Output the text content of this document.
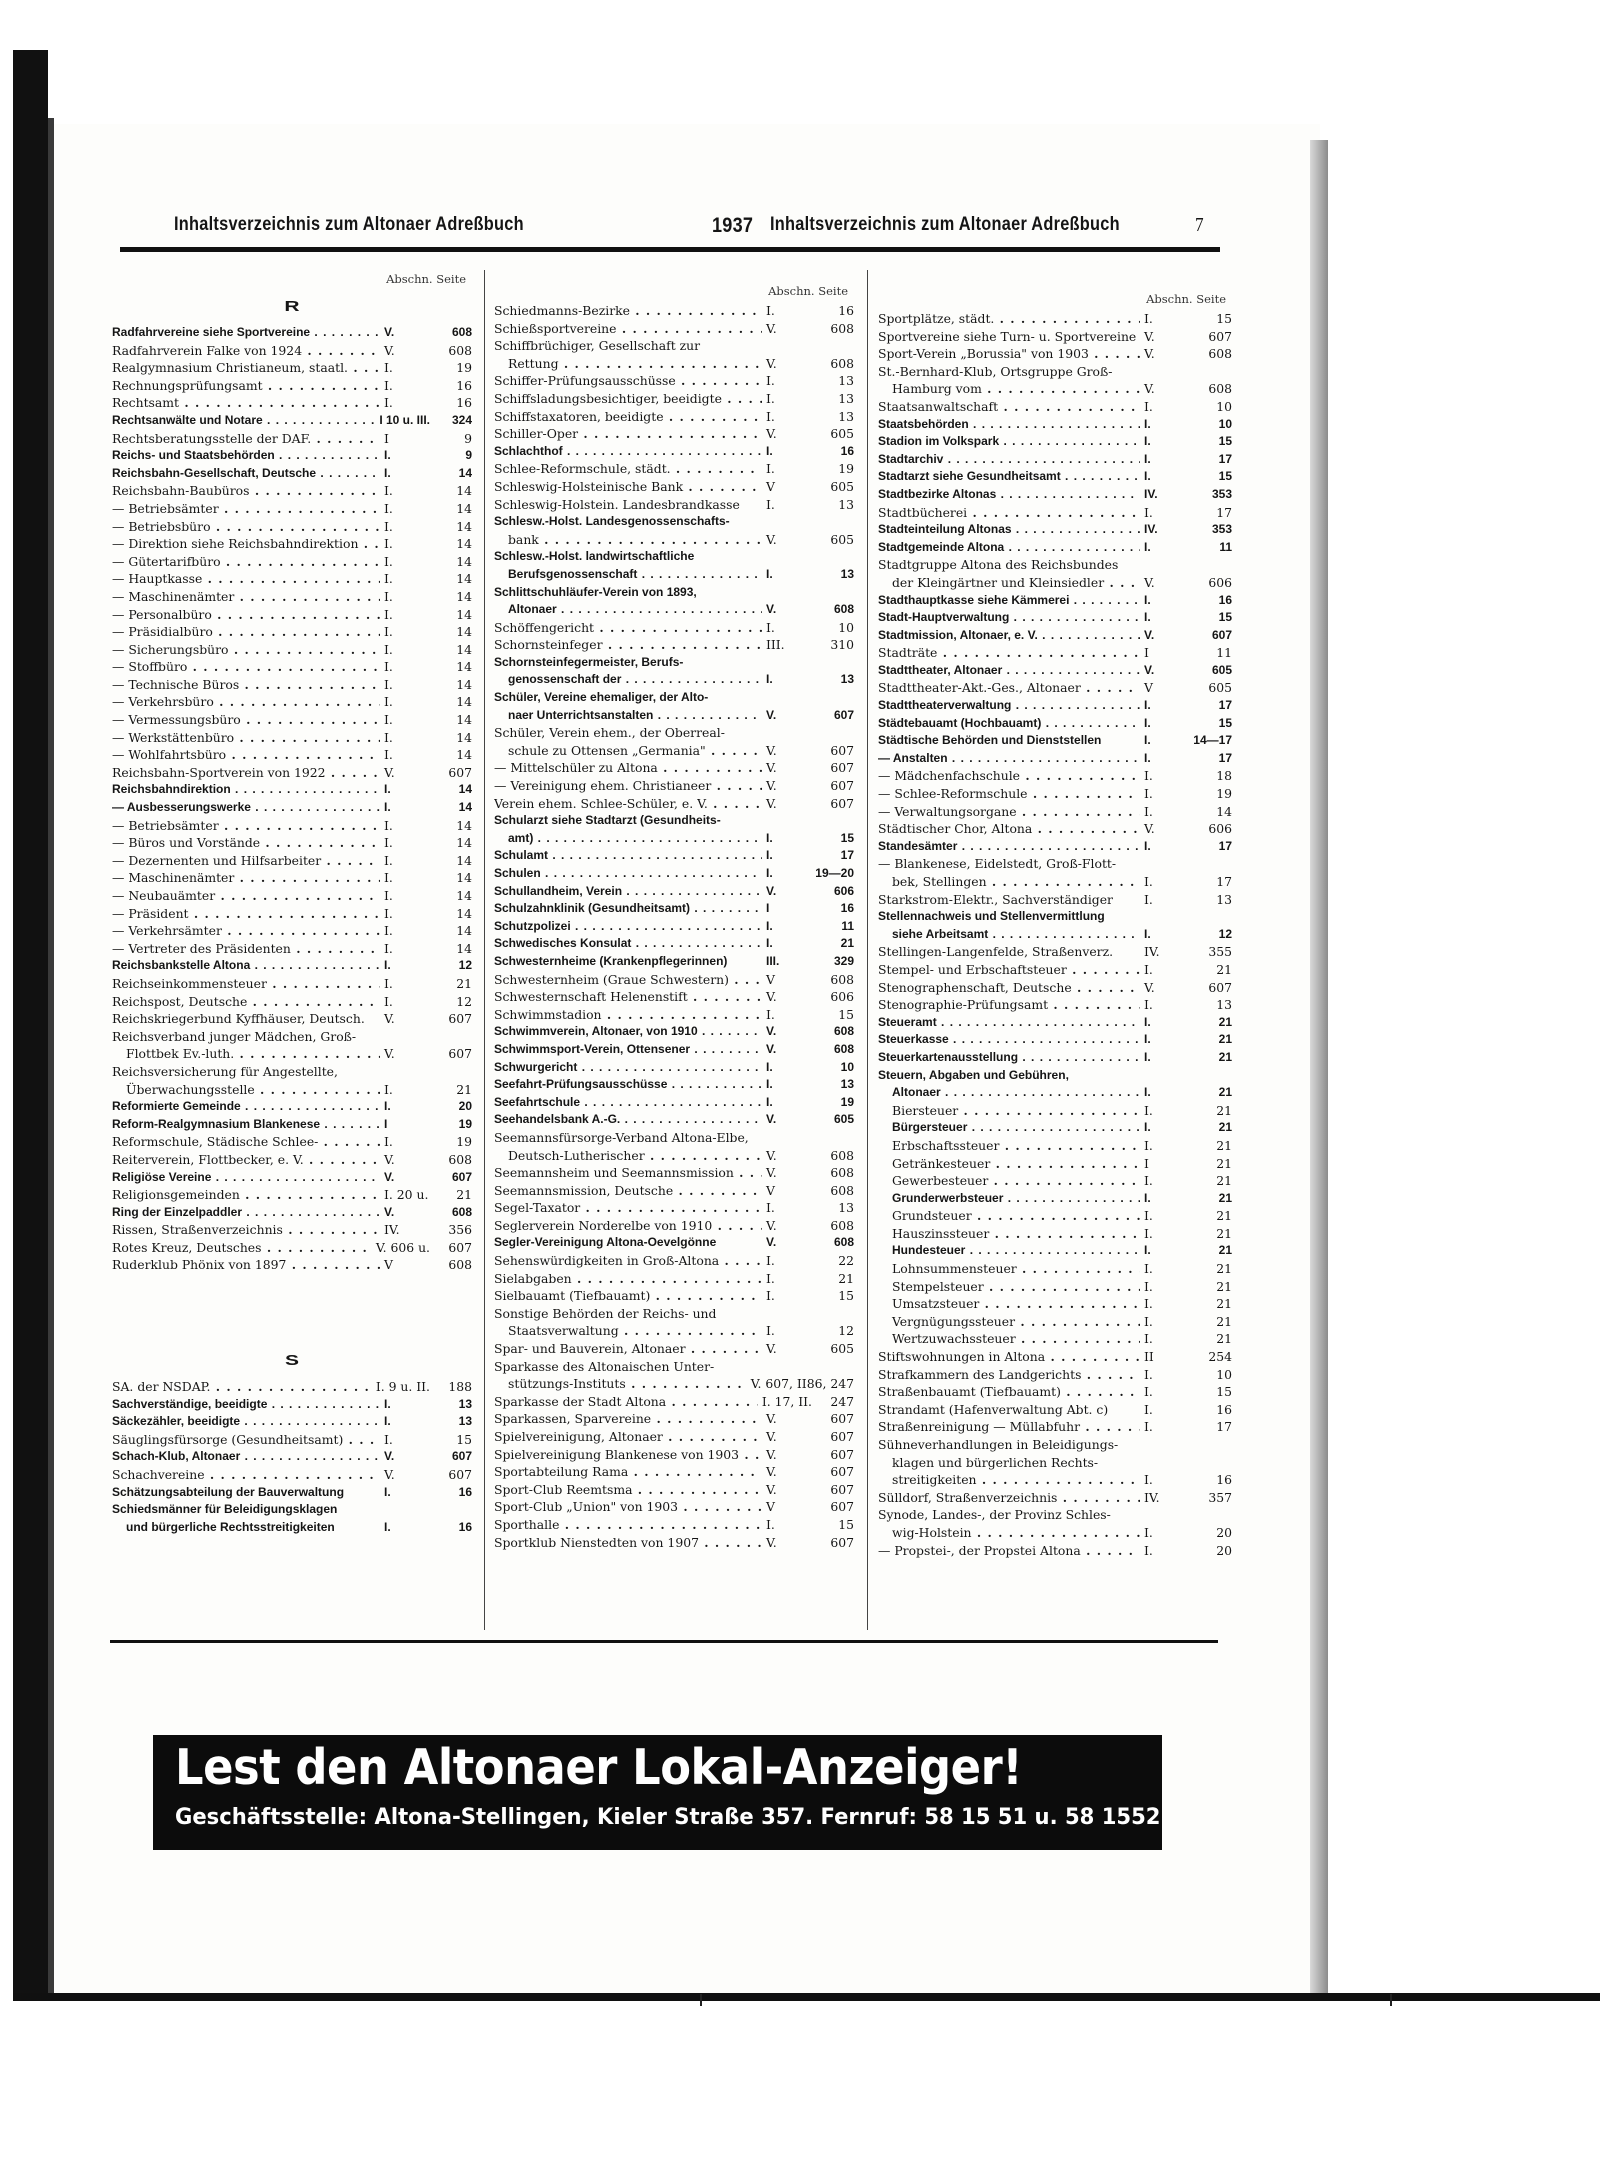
Inhaltsverzeichnis zum Altonaer Adreßbuch	1937 Inhaltsverzeichnis zum Altonaer Adreßbuch	7
Abschn. Seite
R
Radfahrvereine siehe Sportvereine . . .	V.	608
Radfahrverein Falke von 1924 . . .	V.	608
Realgymnasium Christianeum, staatl. . . .	I.	19
Rechnungsprüfungsamt . . .	I.	16
Rechtsamt . . .	I.	16
Rechtsanwälte und Notare . . .	I 10 u. III.	324
Rechtsberatungsstelle der DAF. . . .	I	9
Reichs- und Staatsbehörden . . .	I.	9
Reichsbahn-Gesellschaft, Deutsche . . .	I.	14
Reichsbahn-Baubüros . . .	I.	14
— Betriebsämter . . .	I.	14
— Betriebsbüro . . .	I.	14
— Direktion siehe Reichsbahndirektion . . .	I.	14
— Gütertarifbüro . . .	I.	14
— Hauptkasse . . .	I.	14
— Maschinenämter . . .	I.	14
— Personalbüro . . .	I.	14
— Präsidialbüro . . .	I.	14
— Sicherungsbüro . . .	I.	14
— Stoffbüro . . .	I.	14
— Technische Büros . . .	I.	14
— Verkehrsbüro . . .	I.	14
— Vermessungsbüro . . .	I.	14
— Werkstättenbüro . . .	I.	14
— Wohlfahrtsbüro . . .	I.	14
Reichsbahn-Sportverein von 1922 . . .	V.	607
Reichsbahndirektion . . .	I.	14
— Ausbesserungswerke . . .	I.	14
— Betriebsämter . . .	I.	14
— Büros und Vorstände . . .	I.	14
— Dezernenten und Hilfsarbeiter . . .	I.	14
— Maschinenämter . . .	I.	14
— Neubauämter . . .	I.	14
— Präsident . . .	I.	14
— Verkehrsämter . . .	I.	14
— Vertreter des Präsidenten . . .	I.	14
Reichsbankstelle Altona . . .	I.	12
Reichseinkommensteuer . . .	I.	21
Reichspost, Deutsche . . .	I.	12
Reichskriegerbund Kyffhäuser, Deutsch.	V.	607
Reichsverband junger Mädchen, Groß-
Flottbek Ev.-luth. . . .	V.	607
Reichsversicherung für Angestellte,
Überwachungsstelle . . .	I.	21
Reformierte Gemeinde . . .	I.	20
Reform-Realgymnasium Blankenese . . .	I	19
Reformschule, Städische Schlee- . . .	I.	19
Reiterverein, Flottbecker, e. V. . . .	V.	608
Religiöse Vereine . . .	V.	607
Religionsgemeinden . . .	I. 20 u.	21
Ring der Einzelpaddler . . .	V.	608
Rissen, Straßenverzeichnis . . .	IV.	356
Rotes Kreuz, Deutsches . . .	V. 606 u.	607
Ruderklub Phönix von 1897 . . .	V	608
S
SA. der NSDAP. . . .	I. 9 u. II.	188
Sachverständige, beeidigte . . .	I.	13
Säckezähler, beeidigte . . .	I.	13
Säuglingsfürsorge (Gesundheitsamt) . . .	I.	15
Schach-Klub, Altonaer . . .	V.	607
Schachvereine . . .	V.	607
Schätzungsabteilung der Bauverwaltung	I.	16
Schiedsmänner für Beleidigungsklagen
und bürgerliche Rechtsstreitigkeiten	I.	16
Abschn. Seite
Schiedmanns-Bezirke . . .	I.	16
Schießsportvereine . . .	V.	608
Schiffbrüchiger, Gesellschaft zur
Rettung . . .	V.	608
Schiffer-Prüfungsausschüsse . . .	I.	13
Schiffsladungsbesichtiger, beeidigte . . .	I.	13
Schiffstaxatoren, beeidigte . . .	I.	13
Schiller-Oper . . .	V.	605
Schlachthof . . .	I.	16
Schlee-Reformschule, städt. . . .	I.	19
Schleswig-Holsteinische Bank . . .	V	605
Schleswig-Holstein. Landesbrandkasse	I.	13
Schlesw.-Holst. Landesgenossenschafts-
bank . . .	V.	605
Schlesw.-Holst. landwirtschaftliche
Berufsgenossenschaft . . .	I.	13
Schlittschuhläufer-Verein von 1893,
Altonaer . . .	V.	608
Schöffengericht . . .	I.	10
Schornsteinfeger . . .	III.	310
Schornsteinfegermeister, Berufs-
genossenschaft der . . .	I.	13
Schüler, Vereine ehemaliger, der Alto-
naer Unterrichtsanstalten . . .	V.	607
Schüler, Verein ehem., der Oberreal-
schule zu Ottensen „Germania" . . .	V.	607
— Mittelschüler zu Altona . . .	V.	607
— Vereinigung ehem. Christianeer . . .	V.	607
Verein ehem. Schlee-Schüler, e. V. . . .	V.	607
Schularzt siehe Stadtarzt (Gesundheits-
amt) . . .	I.	15
Schulamt . . .	I.	17
Schulen . . .	I.	19—20
Schullandheim, Verein . . .	V.	606
Schulzahnklinik (Gesundheitsamt) . . .	I	16
Schutzpolizei . . .	I.	11
Schwedisches Konsulat . . .	I.	21
Schwesternheime (Krankenpflegerinnen)	III.	329
Schwesternheim (Graue Schwestern) . . .	V	608
Schwesternschaft Helenenstift . . .	V.	606
Schwimmstadion . . .	I.	15
Schwimmverein, Altonaer, von 1910 . . .	V.	608
Schwimmsport-Verein, Ottensener . . .	V.	608
Schwurgericht . . .	I.	10
Seefahrt-Prüfungsausschüsse . . .	I.	13
Seefahrtschule . . .	I.	19
Seehandelsbank A.-G. . . .	V.	605
Seemannsfürsorge-Verband Altona-Elbe,
Deutsch-Lutherischer . . .	V.	608
Seemannsheim und Seemannsmission . . .	V.	608
Seemannsmission, Deutsche . . .	V	608
Segel-Taxator . . .	I.	13
Seglerverein Norderelbe von 1910 . . .	V.	608
Segler-Vereinigung Altona-Oevelgönne	V.	608
Sehenswürdigkeiten in Groß-Altona . . .	I.	22
Sielabgaben . . .	I.	21
Sielbauamt (Tiefbauamt) . . .	I.	15
Sonstige Behörden der Reichs- und
Staatsverwaltung . . .	I.	12
Spar- und Bauverein, Altonaer . . .	V.	605
Sparkasse des Altonaischen Unter-
stützungs-Instituts . . .	V. 607, II 86, 247
Sparkasse der Stadt Altona . . .	I. 17, II.	247
Sparkassen, Sparvereine . . .	V.	607
Spielvereinigung, Altonaer . . .	V.	607
Spielvereinigung Blankenese von 1903 . . .	V.	607
Sportabteilung Rama . . .	V.	607
Sport-Club Reemtsma . . .	V.	607
Sport-Club „Union" von 1903 . . .	V	607
Sporthalle . . .	I.	15
Sportklub Nienstedten von 1907 . . .	V.	607
Abschn. Seite
Sportplätze, städt. . . .	I.	15
Sportvereine siehe Turn- u. Sportvereine V.	607
Sport-Verein „Borussia" von 1903 . . .	V.	608
St.-Bernhard-Klub, Ortsgruppe Groß-
Hamburg vom . . .	V.	608
Staatsanwaltschaft . . .	I.	10
Staatsbehörden . . .	I.	10
Stadion im Volkspark . . .	I.	15
Stadtarchiv . . .	I.	17
Stadtarzt siehe Gesundheitsamt . . .	I.	15
Stadtbezirke Altonas . . .	IV.	353
Stadtbücherei . . .	I.	17
Stadteinteilung Altonas . . .	IV.	353
Stadtgemeinde Altona . . .	I.	11
Stadtgruppe Altona des Reichsbundes
der Kleingärtner und Kleinsiedler . . .	V.	606
Stadthauptkasse siehe Kämmerei . . .	I.	16
Stadt-Hauptverwaltung . . .	I.	15
Stadtmission, Altonaer, e. V. . . .	V.	607
Stadträte . . .	I	11
Stadttheater, Altonaer . . .	V.	605
Stadttheater-Akt.-Ges., Altonaer . . .	V	605
Stadttheaterverwaltung . . .	I.	17
Städtebauamt (Hochbauamt) . . .	I.	15
Städtische Behörden und Dienststellen	I.	14—17
— Anstalten . . .	I.	17
— Mädchenfachschule . . .	I.	18
— Schlee-Reformschule . . .	I.	19
— Verwaltungsorgane . . .	I.	14
Städtischer Chor, Altona . . .	V.	606
Standesämter . . .	I.	17
— Blankenese, Eidelstedt, Groß-Flott-
bek, Stellingen . . .	I.	17
Starkstrom-Elektr., Sachverständiger	I.	13
Stellennachweis und Stellenvermittlung
siehe Arbeitsamt . . .	I.	12
Stellingen-Langenfelde, Straßenverz.	IV.	355
Stempel- und Erbschaftsteuer . . .	I.	21
Stenographenschaft, Deutsche . . .	V.	607
Stenographie-Prüfungsamt . . .	I.	13
Steueramt . . .	I.	21
Steuerkasse . . .	I.	21
Steuerkartenausstellung . . .	I.	21
Steuern, Abgaben und Gebühren,
Altonaer . . .	I.	21
Biersteuer . . .	I.	21
Bürgersteuer . . .	I.	21
Erbschaftssteuer . . .	I.	21
Getränkesteuer . . .	I	21
Gewerbesteuer . . .	I.	21
Grunderwerbsteuer . . .	I.	21
Grundsteuer . . .	I.	21
Hauszinssteuer . . .	I.	21
Hundesteuer . . .	I.	21
Lohnsummensteuer . . .	I.	21
Stempelsteuer . . .	I.	21
Umsatzsteuer . . .	I.	21
Vergnügungssteuer . . .	I.	21
Wertzuwachssteuer . . .	I.	21
Stiftswohnungen in Altona . . .	II	254
Strafkammern des Landgerichts . . .	I.	10
Straßenbauamt (Tiefbauamt) . . .	I.	15
Strandamt (Hafenverwaltung Abt. c)	I.	16
Straßenreinigung — Müllabfuhr . . .	I.	17
Sühneverhandlungen in Beleidigungs-
klagen und bürgerlichen Rechts-
streitigkeiten . . .	I.	16
Sülldorf, Straßenverzeichnis . . .	IV.	357
Synode, Landes-, der Provinz Schles-
wig-Holstein . . .	I.	20
— Propstei-, der Propstei Altona . . .	I.	20
Lest den Altonaer Lokal-Anzeiger!
Geschäftsstelle: Altona-Stellingen, Kieler Straße 357. Fernruf: 58 15 51 u. 58 1552
